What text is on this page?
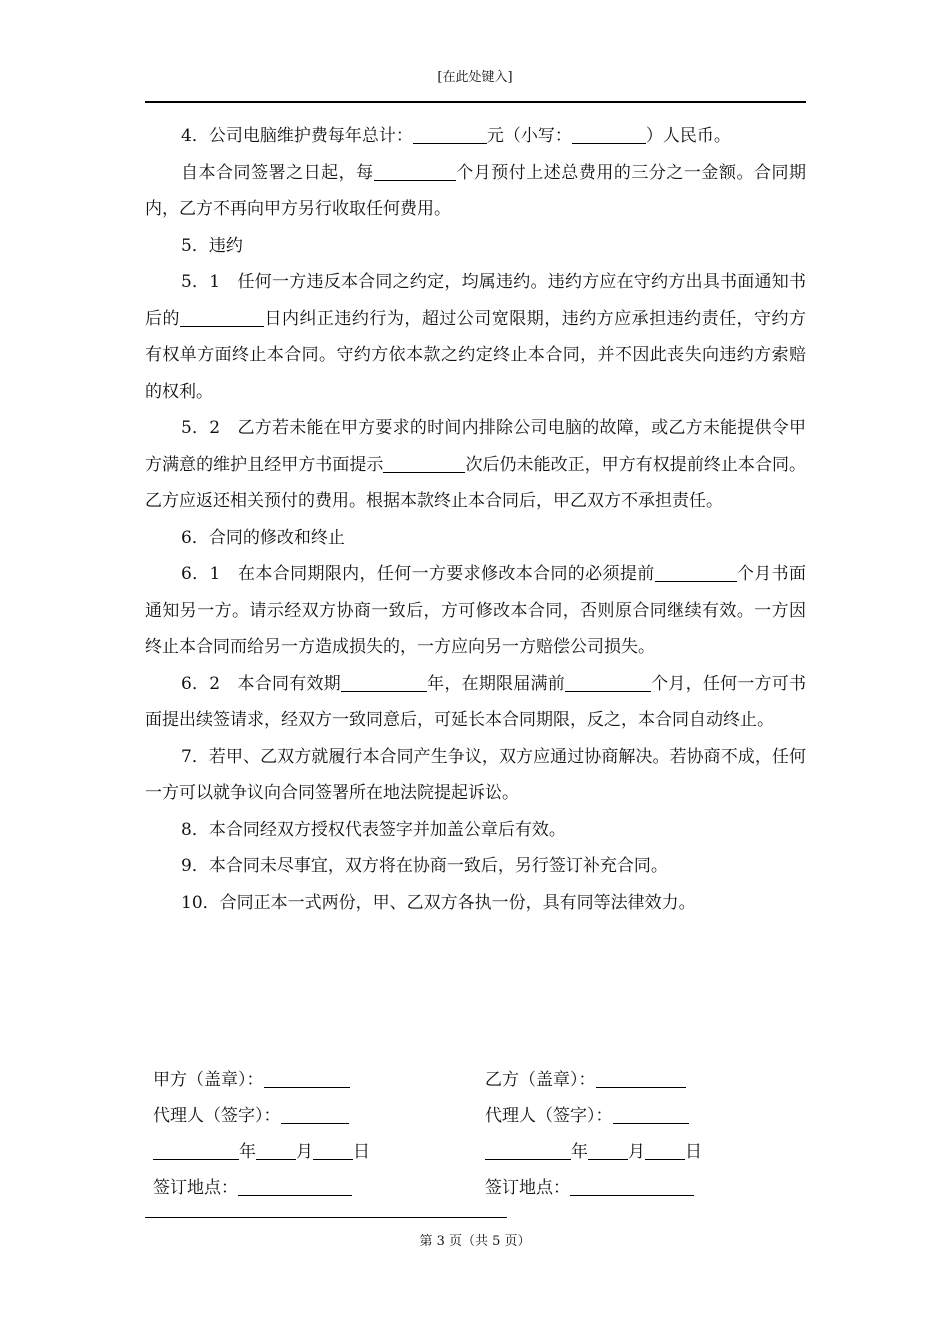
[在此处键入]

4．公司电脑维护费每年总计：	元（小写：	）人民币。

自本合同签署之日起，每	个月预付上述总费用的三分之一金额。合同期内，乙方不再向甲方另行收取任何费用。

5．违约

5．1　任何一方违反本合同之约定，均属违约。违约方应在守约方出具书面通知书后的	日内纠正违约行为，超过公司宽限期，违约方应承担违约责任，守约方有权单方面终止本合同。守约方依本款之约定终止本合同，并不因此丧失向违约方索赔的权利。

5．2　乙方若未能在甲方要求的时间内排除公司电脑的故障，或乙方未能提供令甲方满意的维护且经甲方书面提示	次后仍未能改正，甲方有权提前终止本合同。乙方应返还相关预付的费用。根据本款终止本合同后，甲乙双方不承担责任。

6．合同的修改和终止

6．1　在本合同期限内，任何一方要求修改本合同的必须提前	个月书面通知另一方。请示经双方协商一致后，方可修改本合同，否则原合同继续有效。一方因终止本合同而给另一方造成损失的，一方应向另一方赔偿公司损失。

6．2　本合同有效期	年，在期限届满前	个月，任何一方可书面提出续签请求，经双方一致同意后，可延长本合同期限，反之，本合同自动终止。

7．若甲、乙双方就履行本合同产生争议，双方应通过协商解决。若协商不成，任何一方可以就争议向合同签署所在地法院提起诉讼。

8．本合同经双方授权代表签字并加盖公章后有效。

9．本合同未尽事宜，双方将在协商一致后，另行签订补充合同。

10．合同正本一式两份，甲、乙双方各执一份，具有同等法律效力。

甲方（盖章）：	乙方（盖章）：
代理人（签字）：	代理人（签字）：
年 月 日	年 月 日
签订地点：	签订地点：
第 3 页（共 5 页）
